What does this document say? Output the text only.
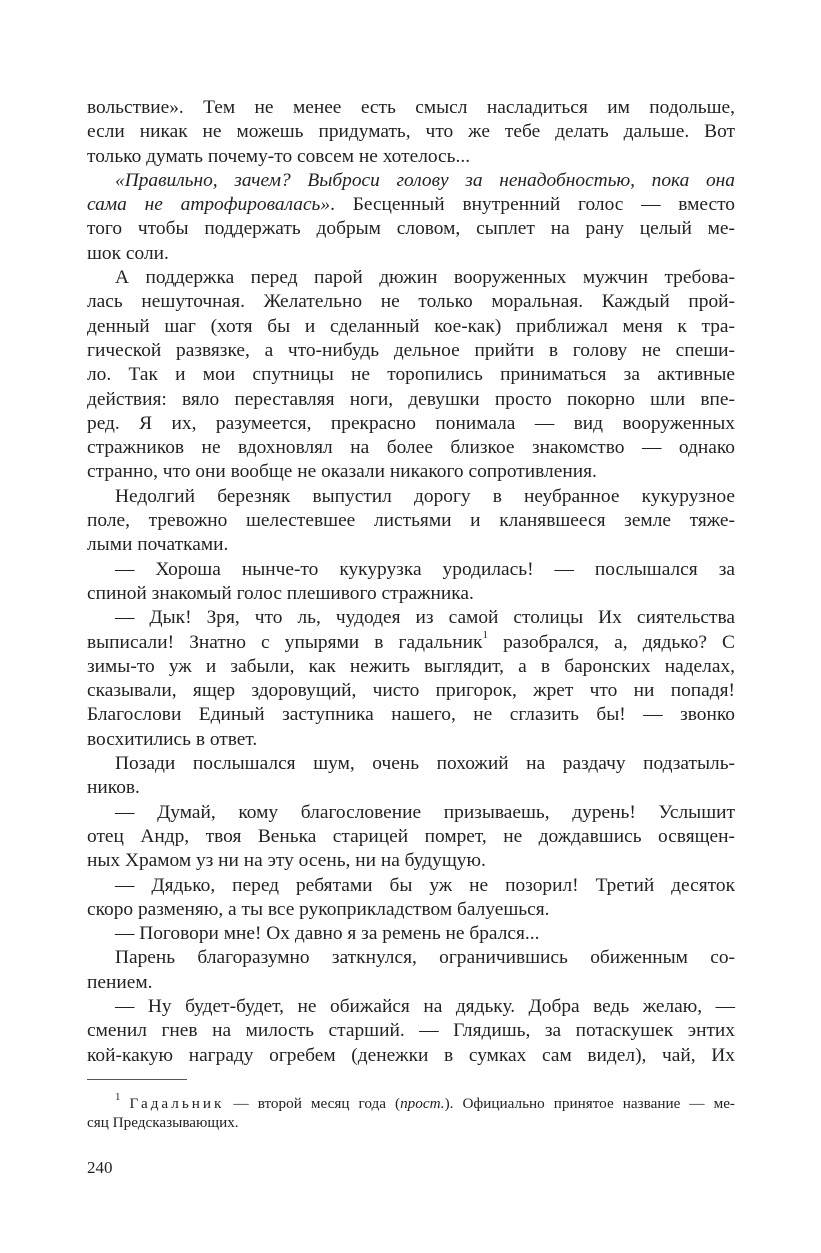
вольствие». Тем не менее есть смысл насладиться им подольше,
если никак не можешь придумать, что же тебе делать дальше. Вот
только думать почему-то совсем не хотелось...
«Правильно, зачем? Выброси голову за ненадобностью, пока она
сама не атрофировалась». Бесценный внутренний голос — вместо
того чтобы поддержать добрым словом, сыплет на рану целый ме-
шок соли.
А поддержка перед парой дюжин вооруженных мужчин требова-
лась нешуточная. Желательно не только моральная. Каждый прой-
денный шаг (хотя бы и сделанный кое-как) приближал меня к тра-
гической развязке, а что-нибудь дельное прийти в голову не спеши-
ло. Так и мои спутницы не торопились приниматься за активные
действия: вяло переставляя ноги, девушки просто покорно шли впе-
ред. Я их, разумеется, прекрасно понимала — вид вооруженных
стражников не вдохновлял на более близкое знакомство — однако
странно, что они вообще не оказали никакого сопротивления.
Недолгий березняк выпустил дорогу в неубранное кукурузное
поле, тревожно шелестевшее листьями и кланявшееся земле тяже-
лыми початками.
— Хороша нынче-то кукурузка уродилась! — послышался за
спиной знакомый голос плешивого стражника.
— Дык! Зря, что ль, чудодея из самой столицы Их сиятельства
выписали! Знатно с упырями в гадальник$^1$ разобрался, а, дядько? С
зимы-то уж и забыли, как нежить выглядит, а в баронских наделах,
сказывали, ящер здоровущий, чисто пригорок, жрет что ни попадя!
Благослови Единый заступника нашего, не сглазить бы! — звонко
восхитились в ответ.
Позади послышался шум, очень похожий на раздачу подзатыль-
ников.
— Думай, кому благословение призываешь, дурень! Услышит
отец Андр, твоя Венька старицей помрет, не дождавшись освящен-
ных Храмом уз ни на эту осень, ни на будущую.
— Дядько, перед ребятами бы уж не позорил! Третий десяток
скоро разменяю, а ты все рукоприкладством балуешься.
— Поговори мне! Ох давно я за ремень не брался...
Парень благоразумно заткнулся, ограничившись обиженным со-
пением.
— Ну будет-будет, не обижайся на дядьку. Добра ведь желаю, —
сменил гнев на милость старший. — Глядишь, за потаскушек энтих
кой-какую награду огребем (денежки в сумках сам видел), чай, Их
$^1$ Гадальник — второй месяц года (прост.). Официально принятое название — ме-
сяц Предсказывающих.
240
